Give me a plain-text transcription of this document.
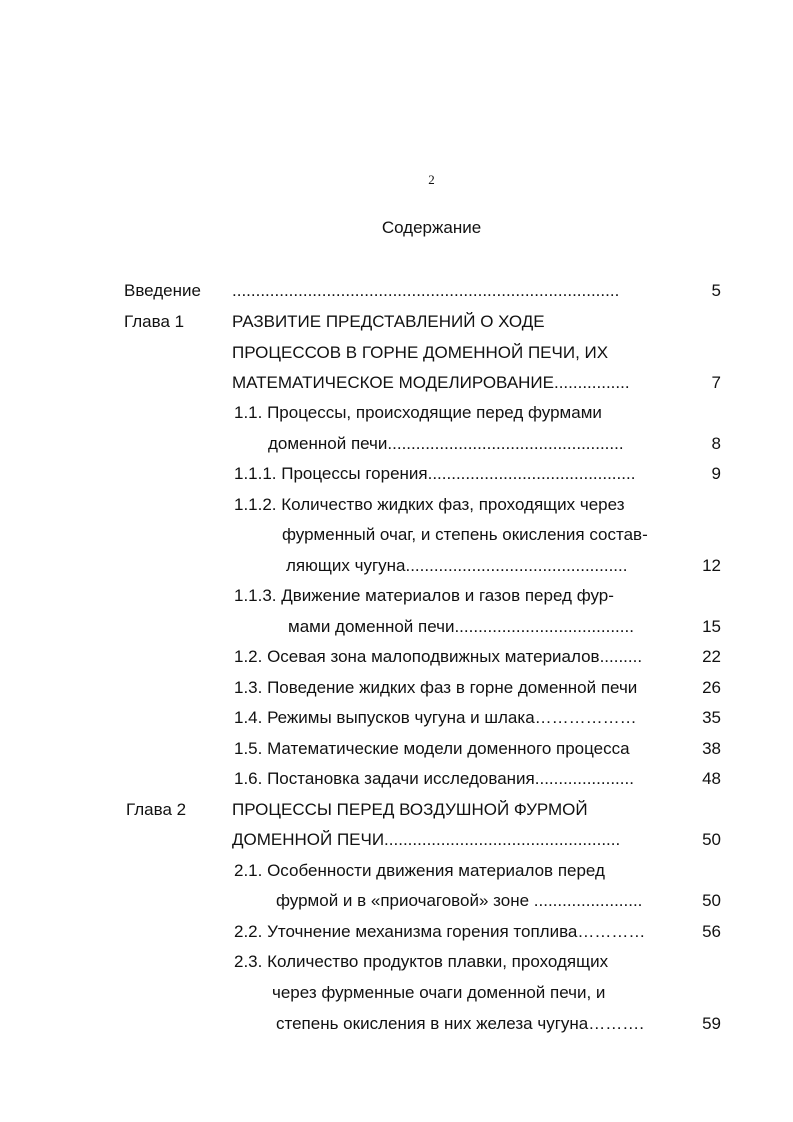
2
Содержание
Введение ..................................................................................	5
Глава 1	РАЗВИТИЕ ПРЕДСТАВЛЕНИЙ О ХОДЕ
ПРОЦЕССОВ В ГОРНЕ ДОМЕННОЙ ПЕЧИ, ИХ
МАТЕМАТИЧЕСКОЕ МОДЕЛИРОВАНИЕ................	7
1.1. Процессы, происходящие перед фурмами
доменной печи..................................................	8
1.1.1. Процессы горения............................................	9
1.1.2. Количество жидких фаз, проходящих через
фурменный очаг, и степень окисления состав-
ляющих чугуна...............................................	12
1.1.3. Движение материалов и газов перед фур-
мами доменной печи......................................	15
1.2. Осевая зона малоподвижных материалов.........	22
1.3. Поведение жидких фаз в горне доменной печи	26
1.4. Режимы выпусков чугуна и шлака………………	35
1.5. Математические модели доменного процесса	38
1.6. Постановка задачи исследования.....................	48
Глава 2	ПРОЦЕССЫ ПЕРЕД ВОЗДУШНОЙ ФУРМОЙ
ДОМЕННОЙ ПЕЧИ..................................................	50
2.1. Особенности движения материалов перед
фурмой и в «приочаговой» зоне .......................	50
2.2. Уточнение механизма горения топлива…………	56
2.3. Количество продуктов плавки, проходящих
через фурменные очаги доменной печи, и
степень окисления в них железа чугуна……….	59
